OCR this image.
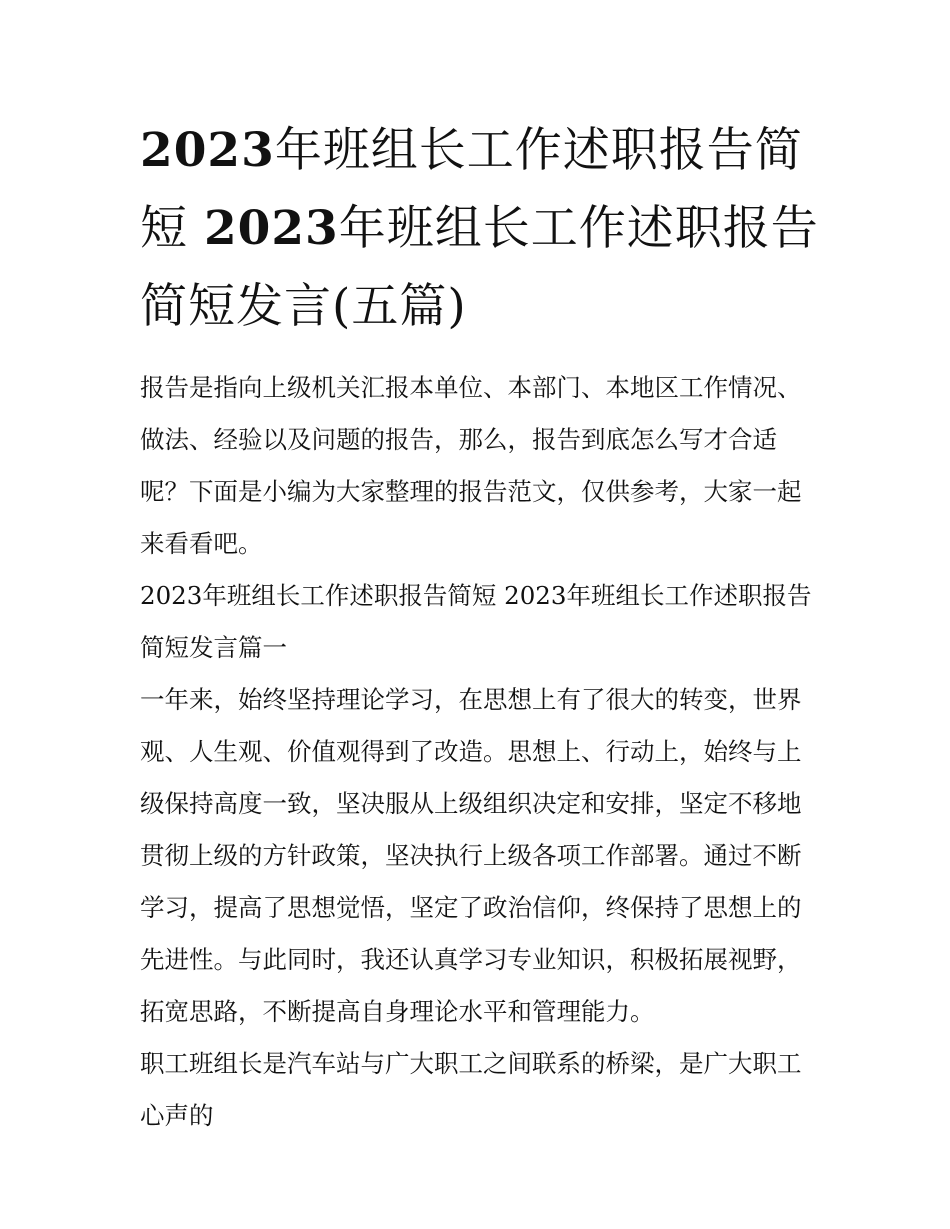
2023年班组长工作述职报告简短 2023年班组长工作述职报告简短发言(五篇)

报告是指向上级机关汇报本单位、本部门、本地区工作情况、做法、经验以及问题的报告，那么，报告到底怎么写才合适呢？下面是小编为大家整理的报告范文，仅供参考，大家一起来看看吧。

2023年班组长工作述职报告简短 2023年班组长工作述职报告简短发言篇一

一年来，始终坚持理论学习，在思想上有了很大的转变，世界观、人生观、价值观得到了改造。思想上、行动上，始终与上级保持高度一致，坚决服从上级组织决定和安排，坚定不移地贯彻上级的方针政策，坚决执行上级各项工作部署。通过不断学习，提高了思想觉悟，坚定了政治信仰，终保持了思想上的先进性。与此同时，我还认真学习专业知识，积极拓展视野，拓宽思路，不断提高自身理论水平和管理能力。

职工班组长是汽车站与广大职工之间联系的桥梁，是广大职工心声的
